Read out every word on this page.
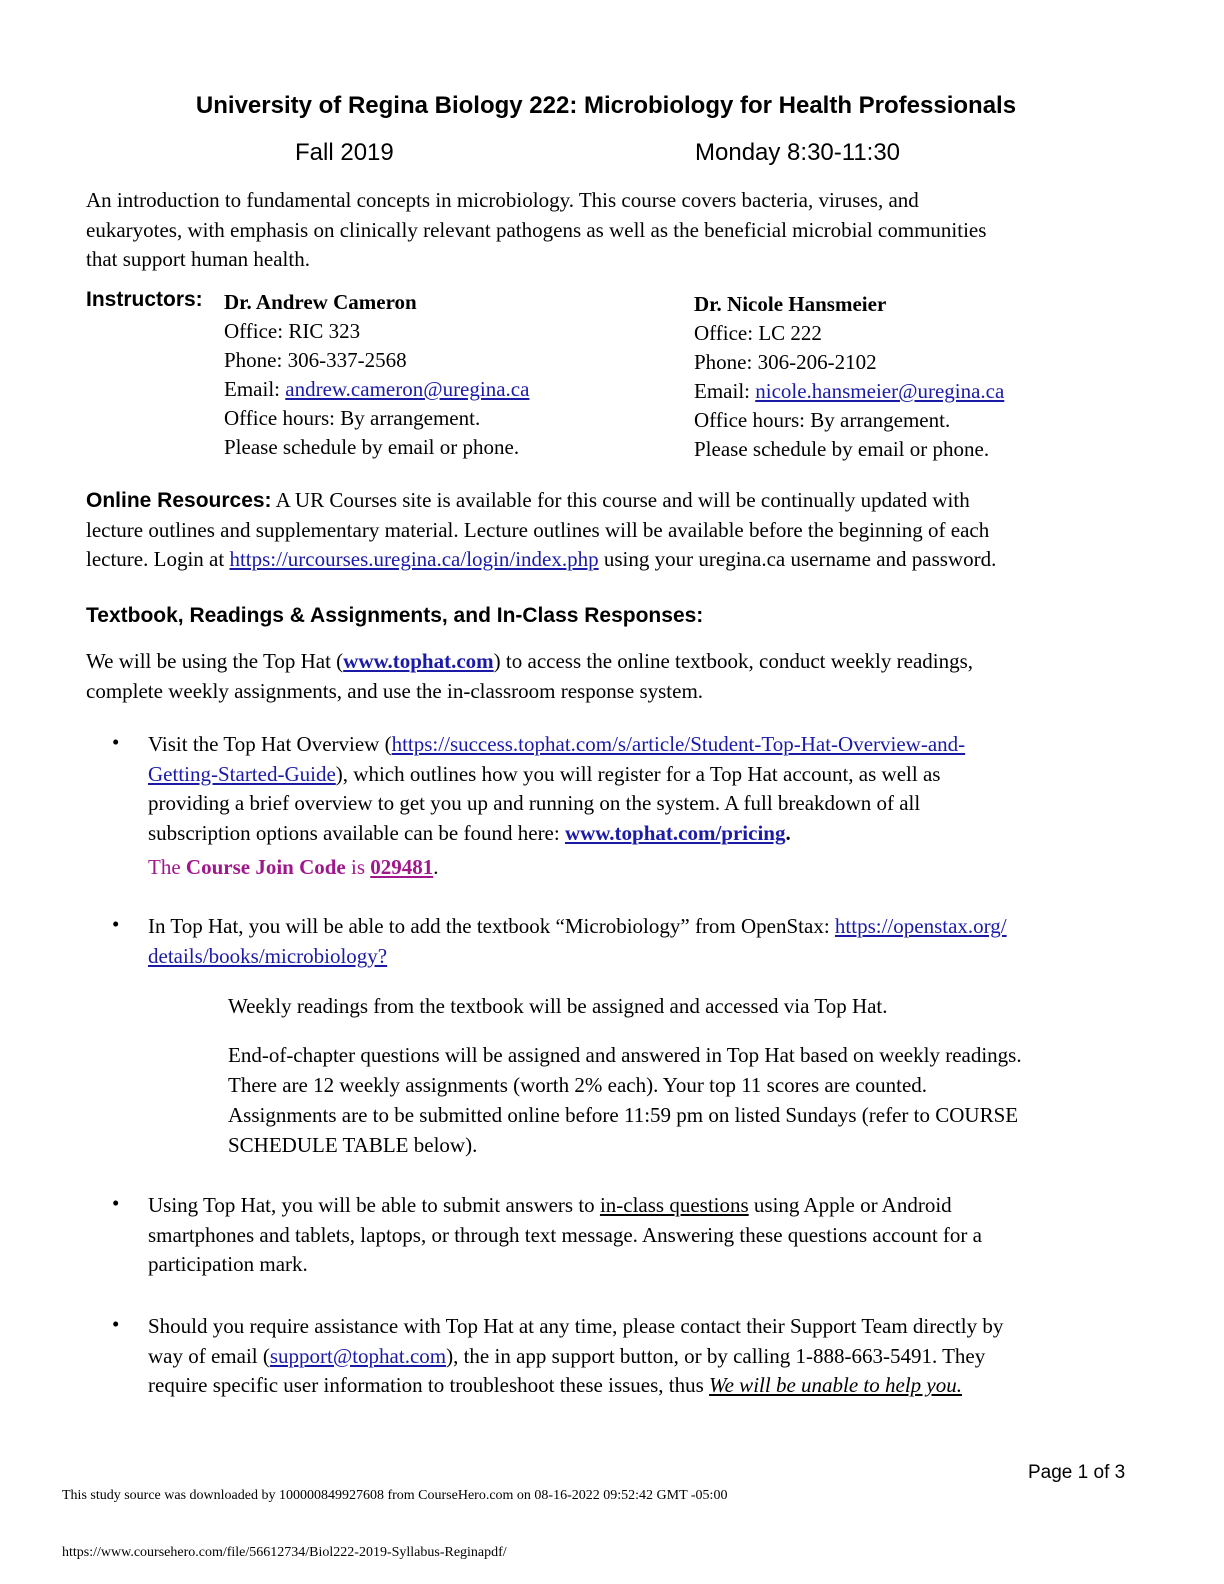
University of Regina Biology 222: Microbiology for Health Professionals
Fall 2019	Monday 8:30-11:30
An introduction to fundamental concepts in microbiology. This course covers bacteria, viruses, and
eukaryotes, with emphasis on clinically relevant pathogens as well as the beneficial microbial communities
that support human health.
Instructors: Dr. Andrew Cameron
Office: RIC 323
Phone: 306-337-2568
Email: andrew.cameron@uregina.ca
Office hours: By arrangement.
Please schedule by email or phone.
Dr. Nicole Hansmeier
Office: LC 222
Phone: 306-206-2102
Email: nicole.hansmeier@uregina.ca
Office hours: By arrangement.
Please schedule by email or phone.
Online Resources: A UR Courses site is available for this course and will be continually updated with
lecture outlines and supplementary material. Lecture outlines will be available before the beginning of each
lecture. Login at https://urcourses.uregina.ca/login/index.php using your uregina.ca username and password.
Textbook, Readings & Assignments, and In-Class Responses:
We will be using the Top Hat (www.tophat.com) to access the online textbook, conduct weekly readings,
complete weekly assignments, and use the in-classroom response system.
• Visit the Top Hat Overview (https://success.tophat.com/s/article/Student-Top-Hat-Overview-and-
Getting-Started-Guide), which outlines how you will register for a Top Hat account, as well as
providing a brief overview to get you up and running on the system. A full breakdown of all
subscription options available can be found here: www.tophat.com/pricing.
The Course Join Code is 029481.
• In Top Hat, you will be able to add the textbook “Microbiology” from OpenStax: https://openstax.org/
details/books/microbiology?
Weekly readings from the textbook will be assigned and accessed via Top Hat.
End-of-chapter questions will be assigned and answered in Top Hat based on weekly readings.
There are 12 weekly assignments (worth 2% each). Your top 11 scores are counted.
Assignments are to be submitted online before 11:59 pm on listed Sundays (refer to COURSE
SCHEDULE TABLE below).
• Using Top Hat, you will be able to submit answers to in-class questions using Apple or Android
smartphones and tablets, laptops, or through text message. Answering these questions account for a
participation mark.
• Should you require assistance with Top Hat at any time, please contact their Support Team directly by
way of email (support@tophat.com), the in app support button, or by calling 1-888-663-5491. They
require specific user information to troubleshoot these issues, thus We will be unable to help you.
Page 1 of 3
This study source was downloaded by 100000849927608 from CourseHero.com on 08-16-2022 09:52:42 GMT -05:00
https://www.coursehero.com/file/56612734/Biol222-2019-Syllabus-Reginapdf/
